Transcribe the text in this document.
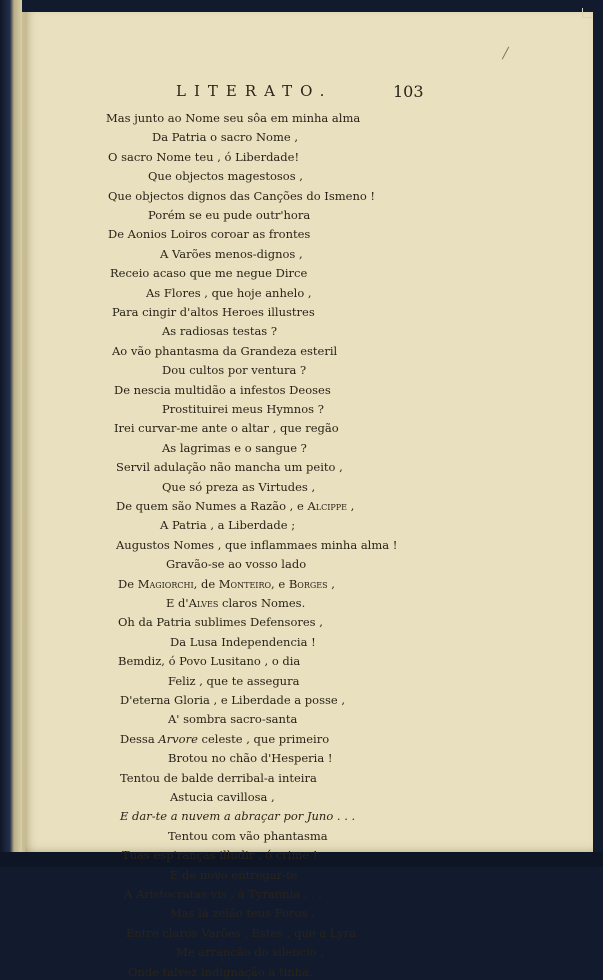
LITERATO.	103
Mas junto ao Nome seu sôa em minha alma
Da Patria o sacro Nome ,
O sacro Nome teu , ó Liberdade!
Que objectos magestosos ,
Que objectos dignos das Canções do Ismeno !
Porém se eu pude outr'hora
De Aonios Loiros coroar as frontes
A Varões menos-dignos ,
Receio acaso que me negue Dirce
As Flores , que hoje anhelo ,
Para cingir d'altos Heroes illustres
As radiosas testas ?
Ao vão phantasma da Grandeza esteril
Dou cultos por ventura ?
De nescia multidão a infestos Deoses
Prostituirei meus Hymnos ?
Irei curvar-me ante o altar , que regão
As lagrimas e o sangue ?
Servil adulação não mancha um peito ,
Que só preza as Virtudes ,
De quem são Numes a Razão , e Alcippe ,
A Patria , a Liberdade ;
Augustos Nomes , que inflammaes minha alma !
Gravão-se ao vosso lado
De Magiorchi, de Monteiro, e Borges ,
E d'Alves claros Nomes.
Oh da Patria sublimes Defensores ,
Da Lusa Independencia !
Bemdiz, ó Povo Lusitano , o dia
Feliz , que te assegura
D'eterna Gloria , e Liberdade a posse ,
A' sombra sacro-santa
Dessa Arvore celeste , que primeiro
Brotou no chão d'Hesperia !
Tentou de balde derribal-a inteira
Astucia cavillosa ,
E dar-te a nuvem a abraçar por Juno . . .
Tentou com vão phantasma
Tuas esp'ranças illudir , ó crime !
E de novo entregar-te
A Aristocratas vis , á Tyrannia . . .
Mas lá zelão teus Foros ,
Entre claros Varões , Estes , que a Lyra
Me arrancão do silencio ,
Onde talvez indignação a tinha.
